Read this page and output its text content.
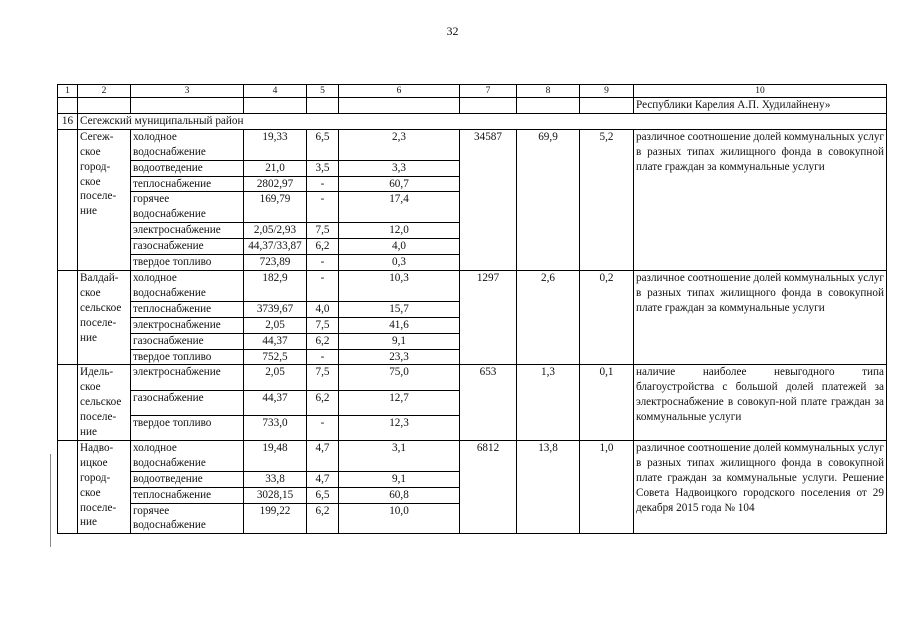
32
1	2	3	4	5	6	7	8	9	10
									Республики Карелия А.П. Худилайнену»
16	Сегежский муниципальный район								
	Сегеж-ское город-ское поселе-ние	холодное водоснабжение	19,33	6,5	2,3	34587	69,9	5,2	различное соотношение долей коммунальных услуг в разных типах жилищного фонда в совокупной плате граждан за коммунальные услуги
		водоотведение	21,0	3,5	3,3				
		теплоснабжение	2802,97	-	60,7				
		горячее водоснабжение	169,79	-	17,4				
		электроснабжение	2,05/2,93	7,5	12,0				
		газоснабжение	44,37/33,87	6,2	4,0				
		твердое топливо	723,89	-	0,3				
	Валдай-ское сельское поселе-ние	холодное водоснабжение	182,9	-	10,3	1297	2,6	0,2	различное соотношение долей коммунальных услуг в разных типах жилищного фонда в совокупной плате граждан за коммунальные услуги
		теплоснабжение	3739,67	4,0	15,7				
		электроснабжение	2,05	7,5	41,6				
		газоснабжение	44,37	6,2	9,1				
		твердое топливо	752,5	-	23,3				
	Идель-ское сельское поселе-ние	электроснабжение	2,05	7,5	75,0	653	1,3	0,1	наличие наиболее невыгодного типа благоустройства с большой долей платежей за электроснабжение в совокуп-ной плате граждан за коммунальные услуги
		газоснабжение	44,37	6,2	12,7				
		твердое топливо	733,0	-	12,3				
	Надво-ицкое город-ское поселе-ние	холодное водоснабжение	19,48	4,7	3,1	6812	13,8	1,0	различное соотношение долей коммунальных услуг в разных типах жилищного фонда в совокупной плате граждан за коммунальные услуги. Решение Совета Надвоицкого городского поселения от 29 декабря 2015 года № 104
		водоотведение	33,8	4,7	9,1				
		теплоснабжение	3028,15	6,5	60,8				
		горячее водоснабжение	199,22	6,2	10,0				
